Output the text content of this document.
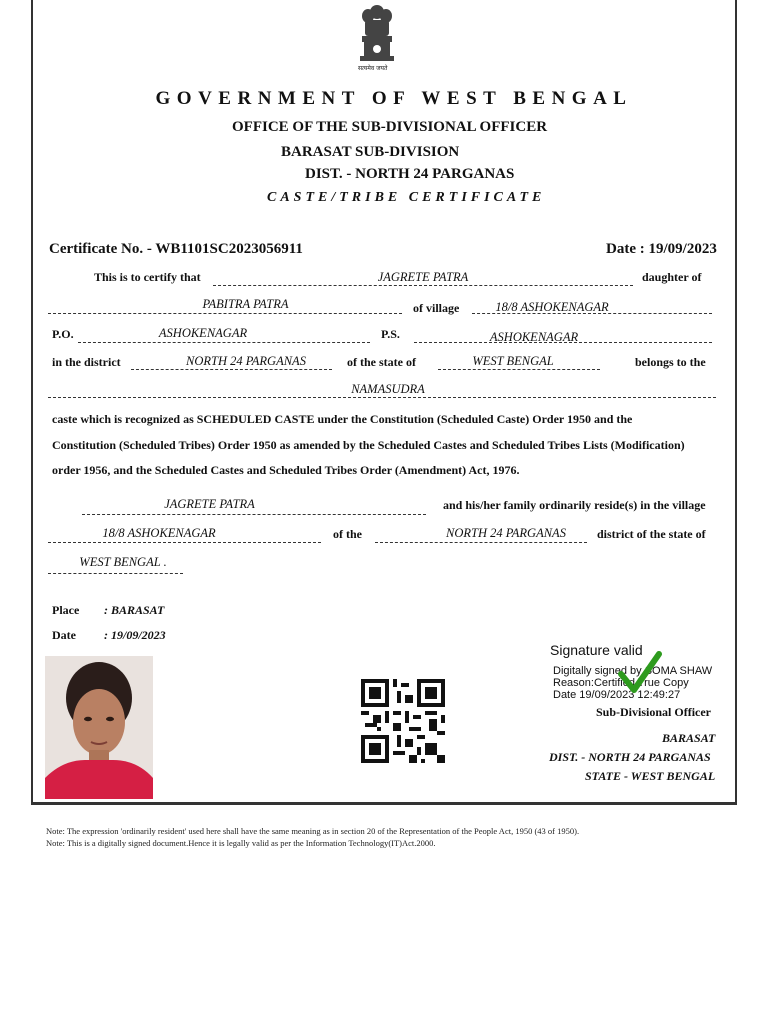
सत्यमेव जयते
GOVERNMENT OF WEST BENGAL
OFFICE OF THE SUB-DIVISIONAL OFFICER
BARASAT SUB-DIVISION
DIST. - NORTH 24 PARGANAS
CASTE/TRIBE CERTIFICATE
Certificate No. - WB1101SC2023056911	Date : 19/09/2023
This is to certify that	JAGRETE PATRA	daughter of
PABITRA PATRA	of village	18/8 ASHOKENAGAR
P.O.	ASHOKENAGAR	P.S.	ASHOKENAGAR
in the district	NORTH 24 PARGANAS	of the state of	WEST BENGAL	belongs to the
NAMASUDRA
caste which is recognized as SCHEDULED CASTE under the Constitution (Scheduled Caste) Order 1950 and the
Constitution (Scheduled Tribes) Order 1950 as amended by the Scheduled Castes and Scheduled Tribes Lists (Modification)
order 1956, and the Scheduled Castes and Scheduled Tribes Order (Amendment) Act, 1976.
JAGRETE PATRA	and his/her family ordinarily reside(s) in the village
18/8 ASHOKENAGAR	of the	NORTH 24 PARGANAS	district of the state of
WEST BENGAL .
Place : BARASAT
Date : 19/09/2023
Signature valid
Digitally signed by SOMA SHAW
Reason:Certified True Copy
Date 19/09/2023 12:49:27
Sub-Divisional Officer
BARASAT
DIST. - NORTH 24 PARGANAS
STATE - WEST BENGAL
Note: The expression 'ordinarily resident' used here shall have the same meaning as in section 20 of the Representation of the People Act, 1950 (43 of 1950).
Note: This is a digitally signed document.Hence it is legally valid as per the Information Technology(IT)Act.2000.
